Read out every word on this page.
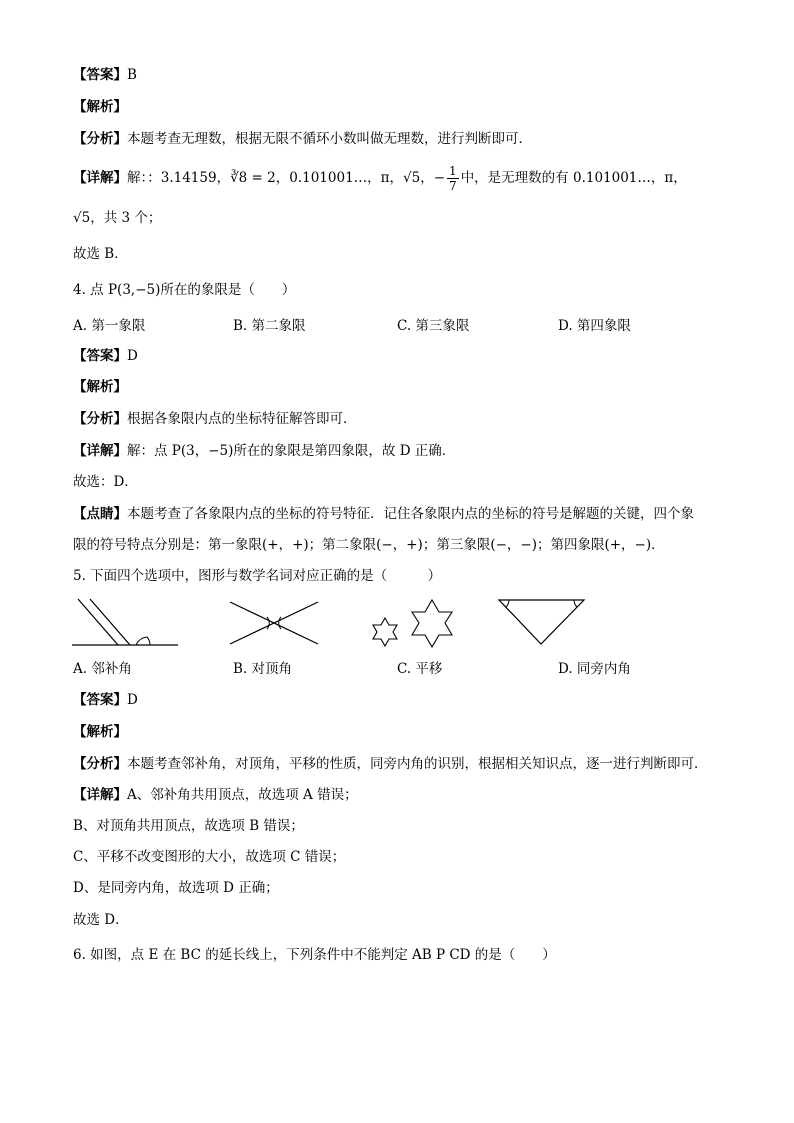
【答案】B
【解析】
【分析】本题考查无理数，根据无限不循环小数叫做无理数，进行判断即可．
【详解】解：：3.14159，∛8 = 2，0.101001…，π，√5，− $\frac{1}{7}$ 中，是无理数的有 0.101001…，π，
√5，共 3 个；
故选 B．
4. 点 P(3,−5)所在的象限是（　　）
A. 第一象限	B. 第二象限	C. 第三象限	D. 第四象限
【答案】D
【解析】
【分析】根据各象限内点的坐标特征解答即可．
【详解】解：点 P(3，−5)所在的象限是第四象限，故 D 正确．
故选：D．
【点睛】本题考查了各象限内点的坐标的符号特征．记住各象限内点的坐标的符号是解题的关键，四个象
限的符号特点分别是：第一象限(+，+)；第二象限(−，+)；第三象限(−，−)；第四象限(+，−)．
5. 下面四个选项中，图形与数学名词对应正确的是（　　　）
A. 邻补角	B. 对顶角	C. 平移	D. 同旁内角
【答案】D
【解析】
【分析】本题考查邻补角，对顶角，平移的性质，同旁内角的识别，根据相关知识点，逐一进行判断即可．
【详解】A、邻补角共用顶点，故选项 A 错误；
B、对顶角共用顶点，故选项 B 错误；
C、平移不改变图形的大小，故选项 C 错误；
D、是同旁内角，故选项 D 正确；
故选 D．
6. 如图，点 E 在 BC 的延长线上，下列条件中不能判定 AB P CD 的是（　　）
